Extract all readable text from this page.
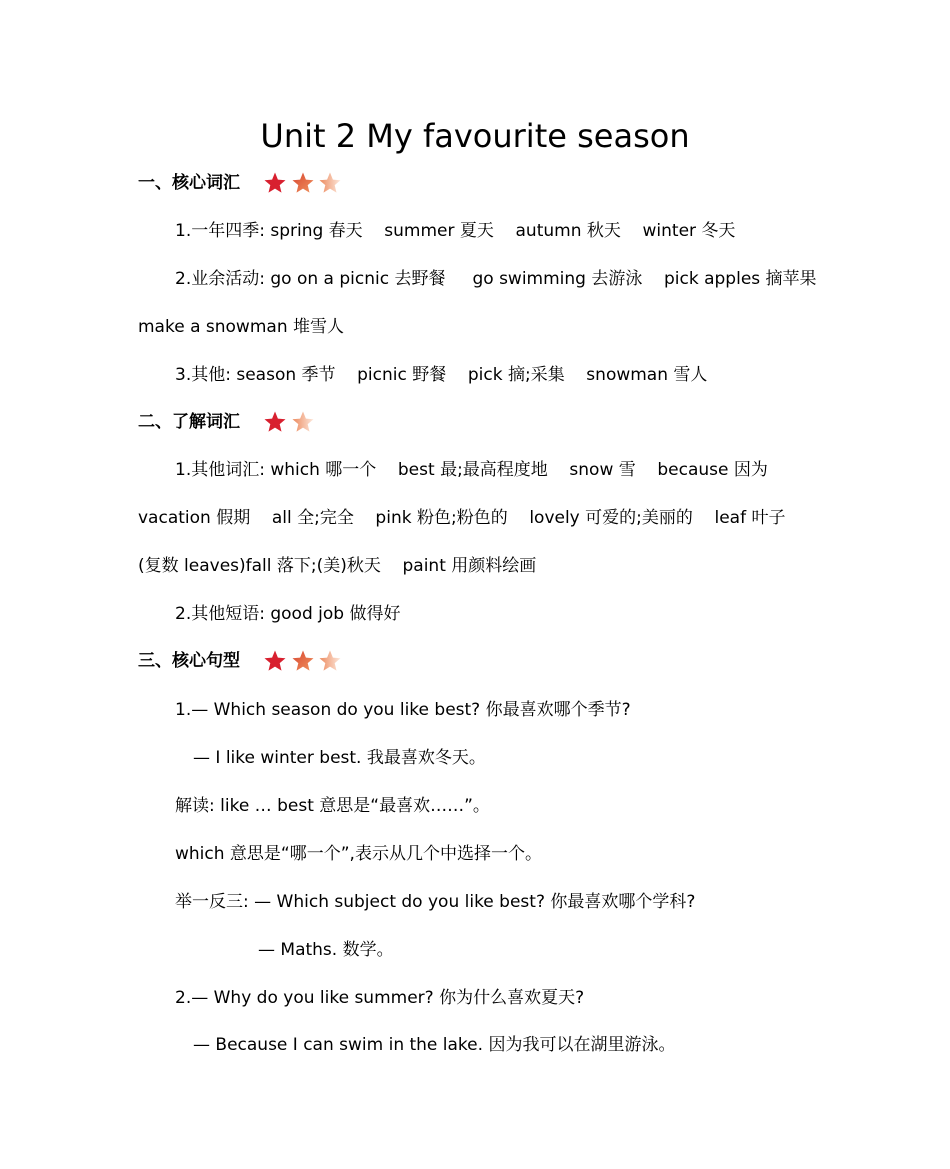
Unit 2 My favourite season
一、核心词汇
1.一年四季: spring 春天    summer 夏天    autumn 秋天    winter 冬天
2.业余活动: go on a picnic 去野餐     go swimming 去游泳    pick apples 摘苹果
make a snowman 堆雪人
3.其他: season 季节    picnic 野餐    pick 摘;采集    snowman 雪人
二、了解词汇
1.其他词汇: which 哪一个    best 最;最高程度地    snow 雪    because 因为
vacation 假期    all 全;完全    pink 粉色;粉色的    lovely 可爱的;美丽的    leaf 叶子
(复数 leaves)fall 落下;(美)秋天    paint 用颜料绘画
2.其他短语: good job 做得好
三、核心句型
1.— Which season do you like best? 你最喜欢哪个季节?
— I like winter best. 我最喜欢冬天。
解读: like … best 意思是“最喜欢……”。
which 意思是“哪一个”,表示从几个中选择一个。
举一反三: — Which subject do you like best? 你最喜欢哪个学科?
— Maths. 数学。
2.— Why do you like summer? 你为什么喜欢夏天?
— Because I can swim in the lake. 因为我可以在湖里游泳。
